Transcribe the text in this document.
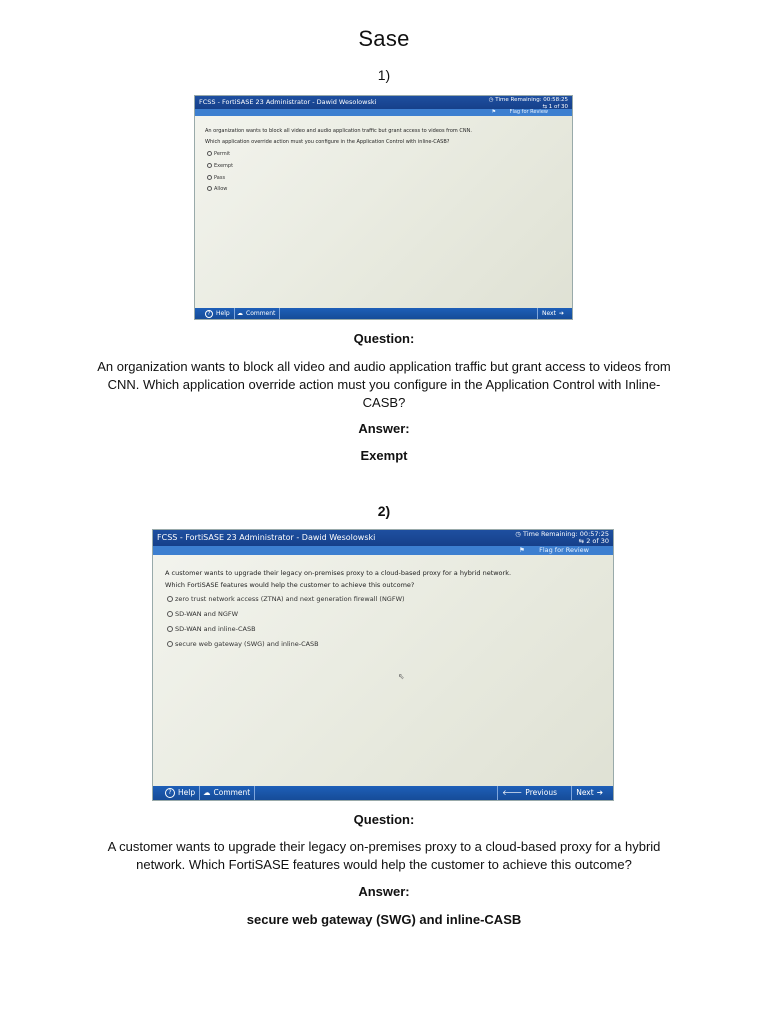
Sase
1)
FCSS - FortiSASE 23 Administrator - Dawid Wesolowski	◷ Time Remaining: 00:58:25
⇆ 1 of 30
⚑	Flag for Review
An organization wants to block all video and audio application traffic but grant access to videos from CNN.
Which application override action must you configure in the Application Control with inline-CASB?
Permit
Exempt
Pass
Allow
? Help ☁ Comment	Next ➔
Question:
An organization wants to block all video and audio application traffic but grant access to videos from CNN. Which application override action must you configure in the Application Control with Inline-CASB?
Answer:
Exempt
2)
FCSS - FortiSASE 23 Administrator - Dawid Wesolowski	◷ Time Remaining: 00:57:25
⇆ 2 of 30
⚑ Flag for Review
A customer wants to upgrade their legacy on-premises proxy to a cloud-based proxy for a hybrid network.
Which FortiSASE features would help the customer to achieve this outcome?
zero trust network access (ZTNA) and next generation firewall (NGFW)
SD-WAN and NGFW
SD-WAN and inline-CASB
secure web gateway (SWG) and inline-CASB
⇖
? Help ☁ Comment	🡐 Previous	Next ➔
Question:
A customer wants to upgrade their legacy on-premises proxy to a cloud-based proxy for a hybrid network. Which FortiSASE features would help the customer to achieve this outcome?
Answer:
secure web gateway (SWG) and inline-CASB
